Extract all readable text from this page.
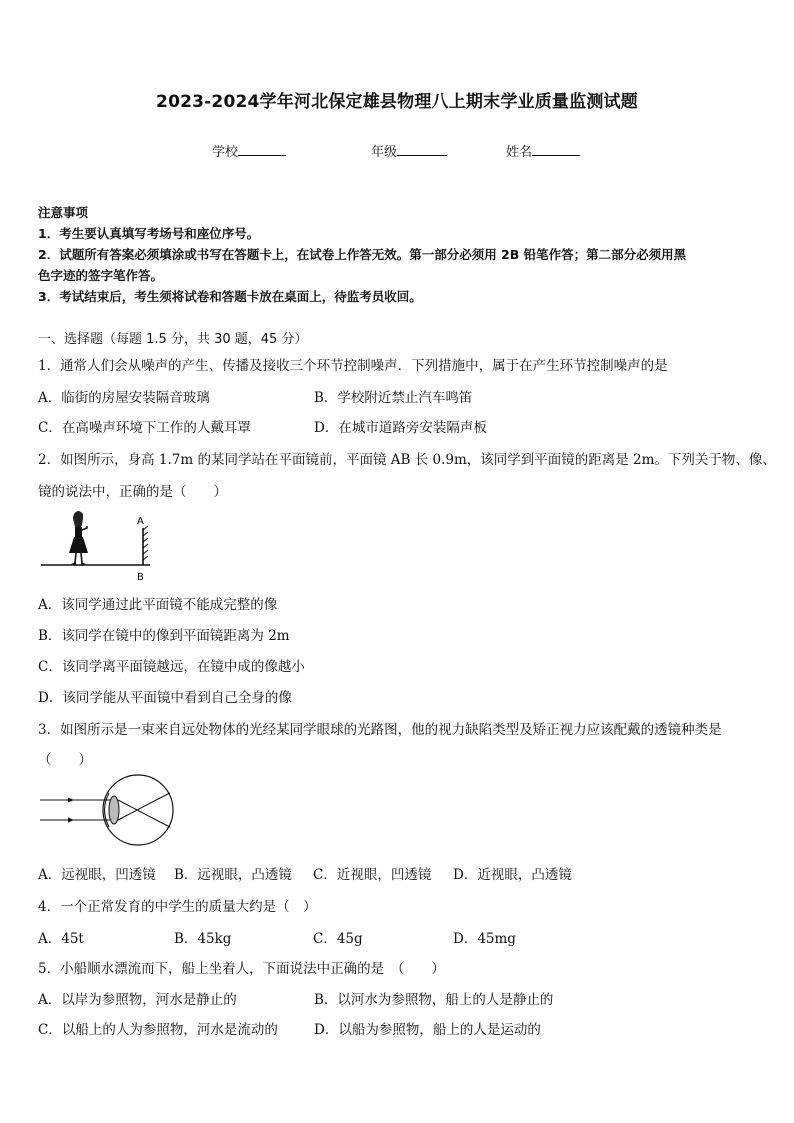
2023-2024学年河北保定雄县物理八上期末学业质量监测试题
学校	年级	姓名
注意事项
1．考生要认真填写考场号和座位序号。
2．试题所有答案必须填涂或书写在答题卡上，在试卷上作答无效。第一部分必须用 2B 铅笔作答；第二部分必须用黑
色字迹的签字笔作答。
3．考试结束后，考生须将试卷和答题卡放在桌面上，待监考员收回。
一、选择题（每题 1.5 分，共 30 题，45 分）
1．通常人们会从噪声的产生、传播及接收三个环节控制噪声．下列措施中，属于在产生环节控制噪声的是
A．临街的房屋安装隔音玻璃	B．学校附近禁止汽车鸣笛
C．在高噪声环境下工作的人戴耳罩	D．在城市道路旁安装隔声板
2．如图所示，身高 1.7m 的某同学站在平面镜前，平面镜 AB 长 0.9m，该同学到平面镜的距离是 2m。下列关于物、像、
镜的说法中，正确的是（　　）
A
B
A．该同学通过此平面镜不能成完整的像
B．该同学在镜中的像到平面镜距离为 2m
C．该同学离平面镜越远，在镜中成的像越小
D．该同学能从平面镜中看到自己全身的像
3．如图所示是一束来自远处物体的光经某同学眼球的光路图，他的视力缺陷类型及矫正视力应该配戴的透镜种类是
（　　）
A．远视眼，凹透镜 B．远视眼，凸透镜 C．近视眼，凹透镜 D．近视眼，凸透镜
4．一个正常发育的中学生的质量大约是（　）
A．45t	B．45kg	C．45g	D．45mg
5．小船顺水漂流而下，船上坐着人，下面说法中正确的是　（　　）
A．以岸为参照物，河水是静止的	B．以河水为参照物，船上的人是静止的
C．以船上的人为参照物，河水是流动的	D．以船为参照物，船上的人是运动的
